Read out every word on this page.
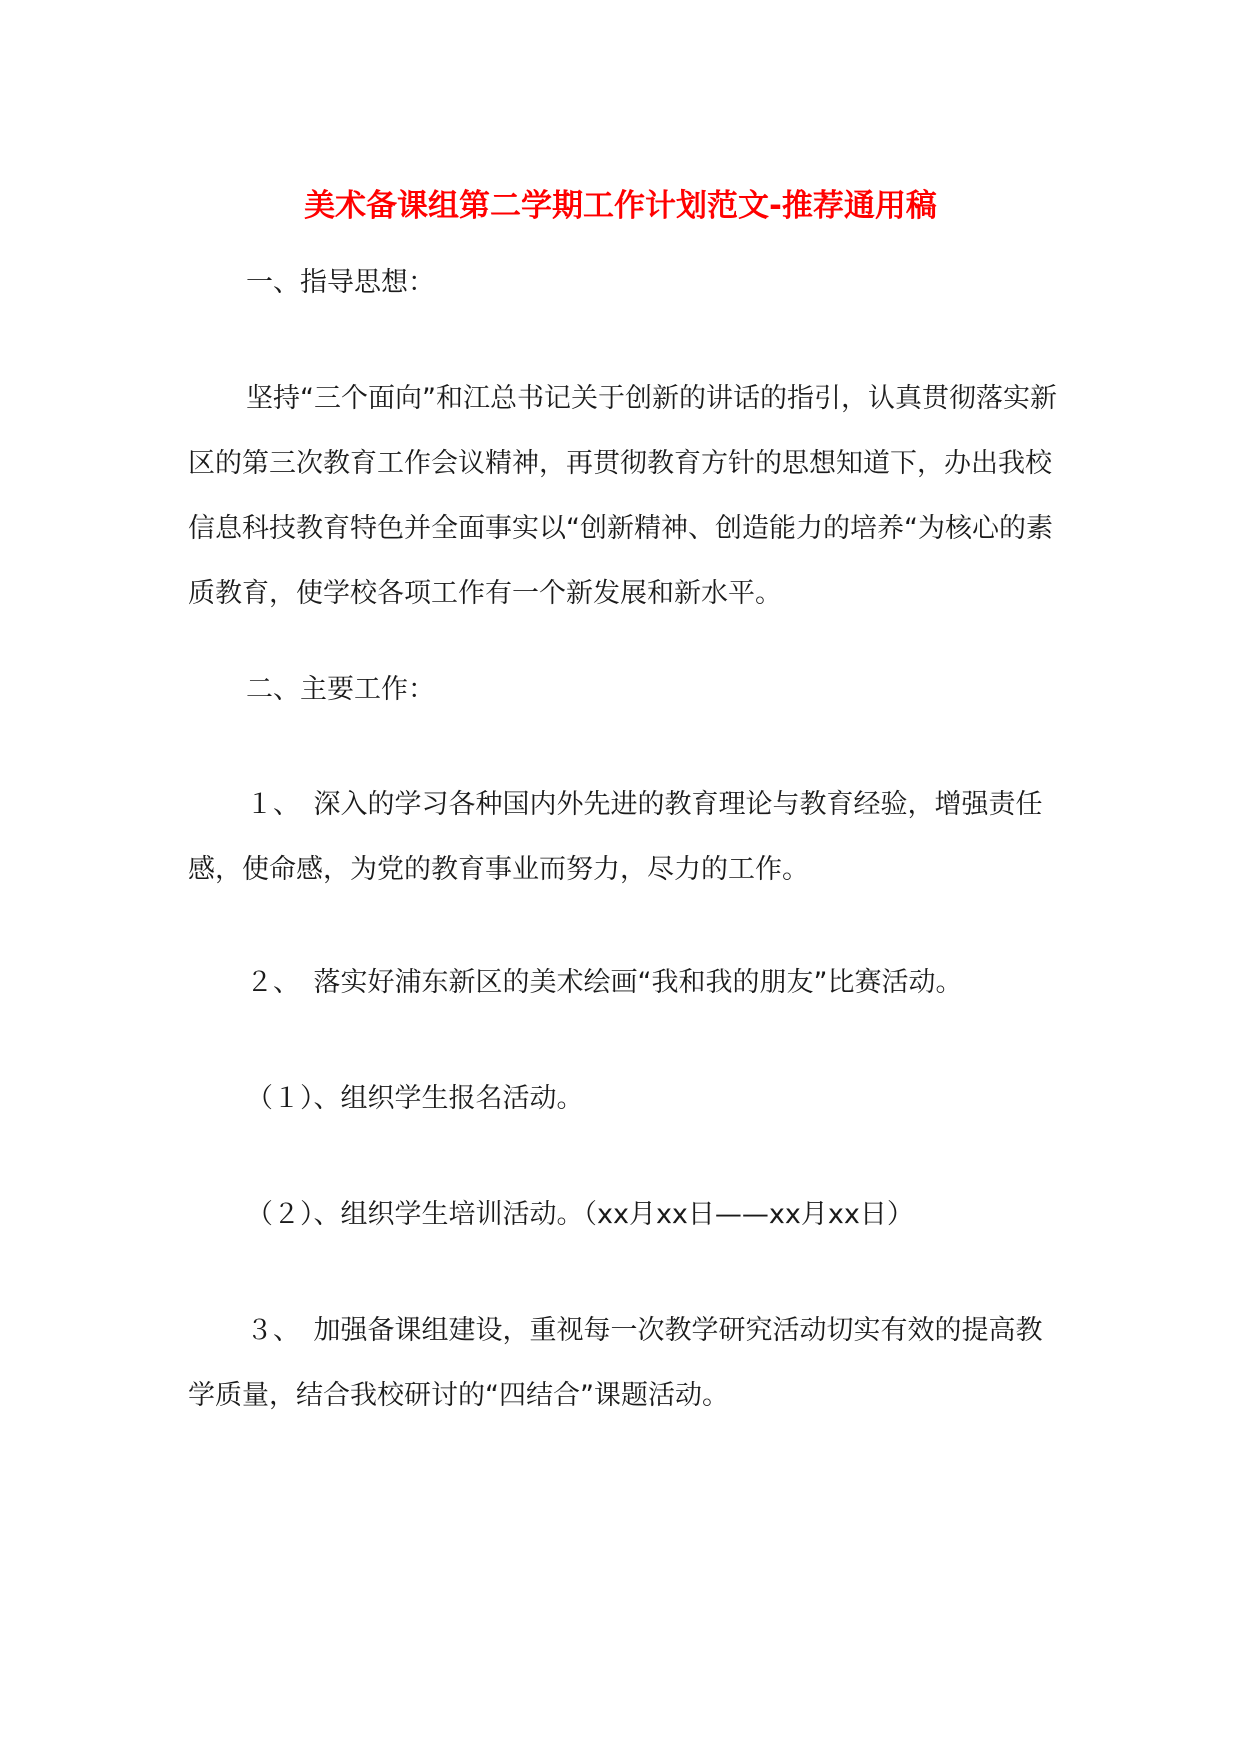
美术备课组第二学期工作计划范文-推荐通用稿

一、指导思想：

坚持“三个面向”和江总书记关于创新的讲话的指引，认真贯彻落实新区的第三次教育工作会议精神，再贯彻教育方针的思想知道下，办出我校信息科技教育特色并全面事实以“创新精神、创造能力的培养“为核心的素质教育，使学校各项工作有一个新发展和新水平。

二、主要工作：

１、　深入的学习各种国内外先进的教育理论与教育经验，增强责任感，使命感，为党的教育事业而努力，尽力的工作。

２、　落实好浦东新区的美术绘画“我和我的朋友”比赛活动。

（１）、组织学生报名活动。

（２）、组织学生培训活动。（xx月xx日——xx月xx日）

３、　加强备课组建设，重视每一次教学研究活动切实有效的提高教学质量，结合我校研讨的“四结合”课题活动。
